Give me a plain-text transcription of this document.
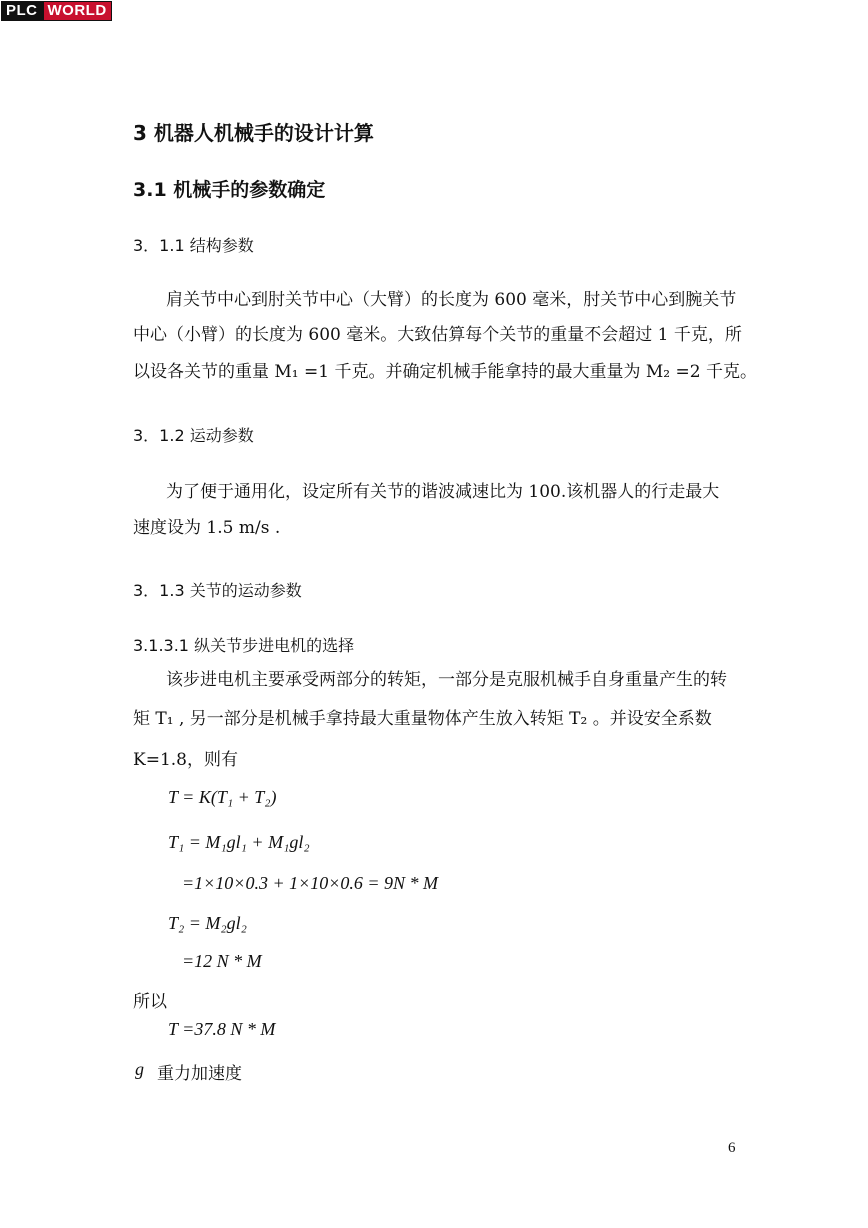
PLC WORLD
3 机器人机械手的设计计算
3.1 机械手的参数确定
3．1.1 结构参数
肩关节中心到肘关节中心（大臂）的长度为 600 毫米，肘关节中心到腕关节
中心（小臂）的长度为 600 毫米。大致估算每个关节的重量不会超过 1 千克，所
以设各关节的重量 M₁ =1 千克。并确定机械手能拿持的最大重量为 M₂ =2 千克。
3．1.2 运动参数
为了便于通用化，设定所有关节的谐波减速比为 100.该机器人的行走最大
速度设为 1.5 m/s .
3．1.3 关节的运动参数
3.1.3.1 纵关节步进电机的选择
该步进电机主要承受两部分的转矩，一部分是克服机械手自身重量产生的转
矩 T₁ , 另一部分是机械手拿持最大重量物体产生放入转矩 T₂ 。并设安全系数
K=1.8，则有
T = K(T₁ + T₂)
T₁ = M₁gl₁ + M₁gl₂
=1×10×0.3 + 1×10×0.6 = 9N * M
T₂ = M₂gl₂
=12 N * M
所以
T =37.8 N * M
g 重力加速度
6
